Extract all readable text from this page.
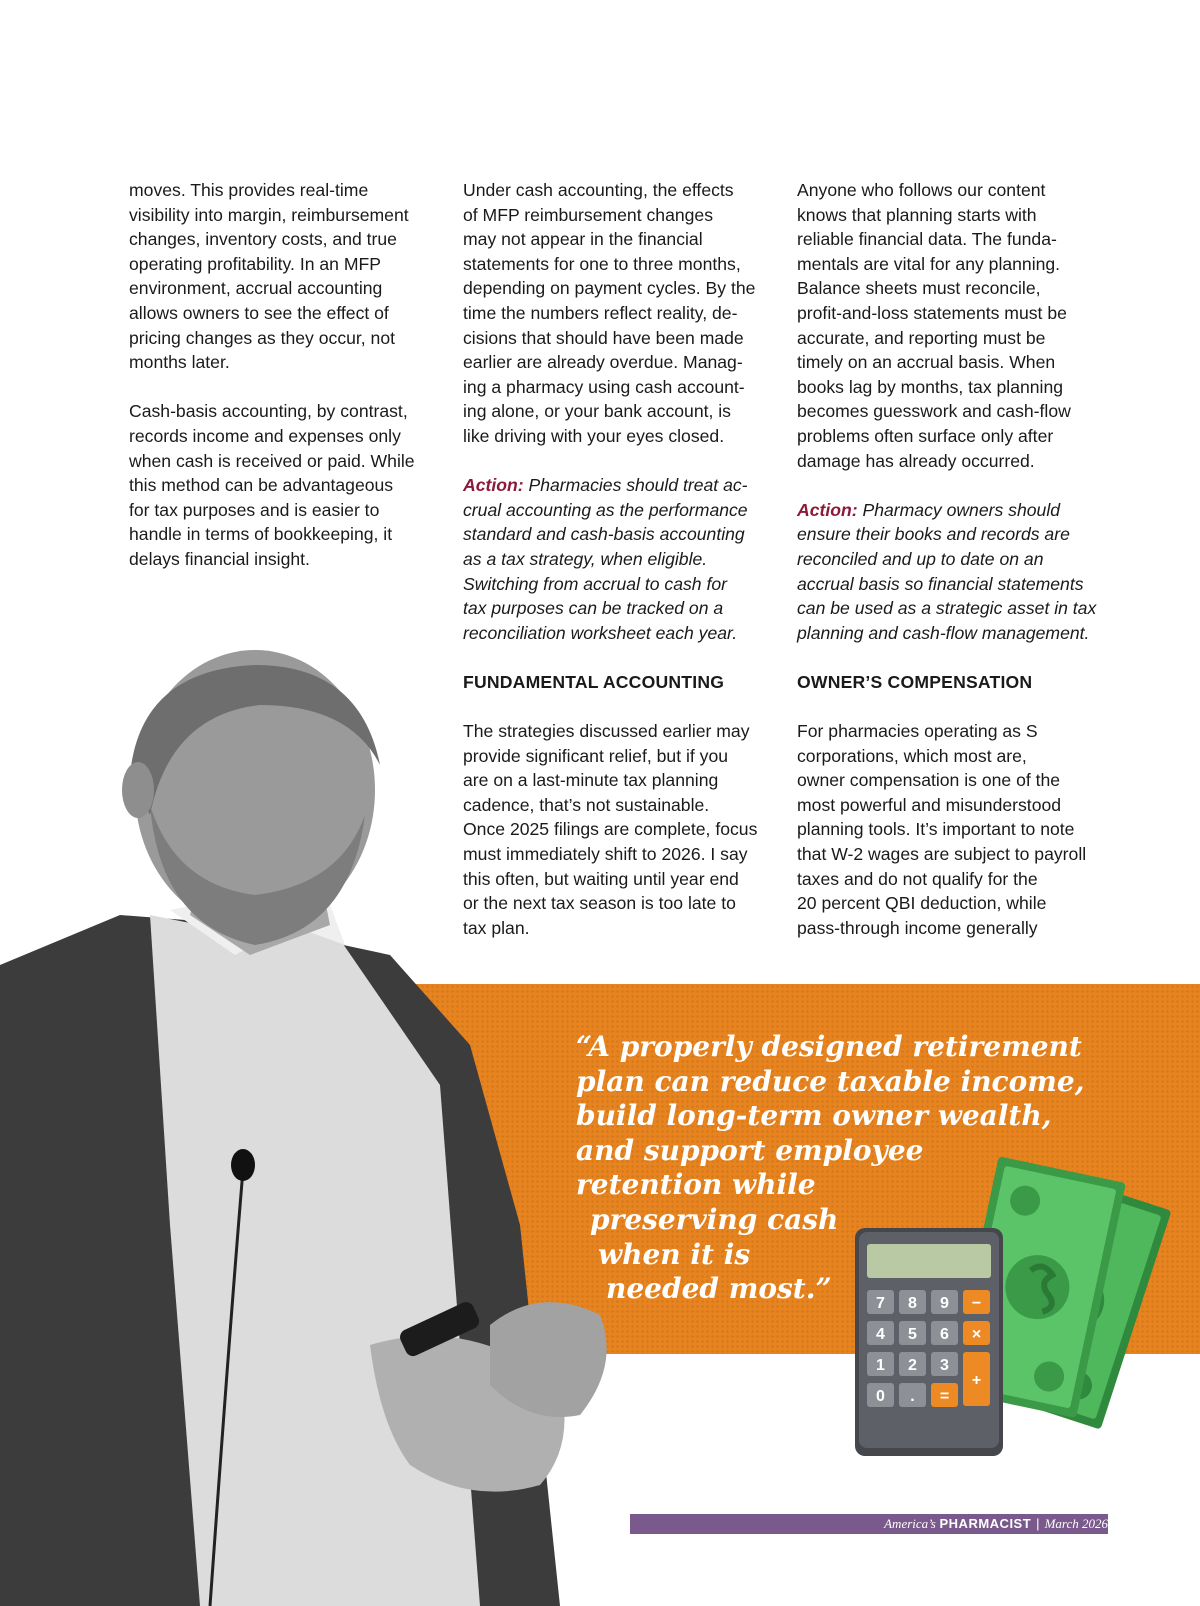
moves. This provides real-time
visibility into margin, reimbursement
changes, inventory costs, and true
operating profitability. In an MFP
environment, accrual accounting
allows owners to see the effect of
pricing changes as they occur, not
months later.

Cash-basis accounting, by contrast,
records income and expenses only
when cash is received or paid. While
this method can be advantageous
for tax purposes and is easier to
handle in terms of bookkeeping, it
delays financial insight.

Under cash accounting, the effects
of MFP reimbursement changes
may not appear in the financial
statements for one to three months,
depending on payment cycles. By the
time the numbers reflect reality, de-
cisions that should have been made
earlier are already overdue. Manag-
ing a pharmacy using cash account-
ing alone, or your bank account, is
like driving with your eyes closed.

Action: Pharmacies should treat ac-
crual accounting as the performance
standard and cash-basis accounting
as a tax strategy, when eligible.
Switching from accrual to cash for
tax purposes can be tracked on a
reconciliation worksheet each year.

FUNDAMENTAL ACCOUNTING

The strategies discussed earlier may
provide significant relief, but if you
are on a last-minute tax planning
cadence, that’s not sustainable.
Once 2025 filings are complete, focus
must immediately shift to 2026. I say
this often, but waiting until year end
or the next tax season is too late to
tax plan.

Anyone who follows our content
knows that planning starts with
reliable financial data. The funda-
mentals are vital for any planning.
Balance sheets must reconcile,
profit-and-loss statements must be
accurate, and reporting must be
timely on an accrual basis. When
books lag by months, tax planning
becomes guesswork and cash-flow
problems often surface only after
damage has already occurred.

Action: Pharmacy owners should
ensure their books and records are
reconciled and up to date on an
accrual basis so financial statements
can be used as a strategic asset in tax
planning and cash-flow management.

OWNER’S COMPENSATION

For pharmacies operating as S
corporations, which most are,
owner compensation is one of the
most powerful and misunderstood
planning tools. It’s important to note
that W-2 wages are subject to payroll
taxes and do not qualify for the
20 percent QBI deduction, while
pass-through income generally

“A properly designed retirement
plan can reduce taxable income,
build long-term owner wealth,
and support employee
retention while
preserving cash
when it is
needed most.”	7 8 9 −
4 5 6 ×
1 2 3
+
0 . =
America’s PHARMACIST | March 2026
